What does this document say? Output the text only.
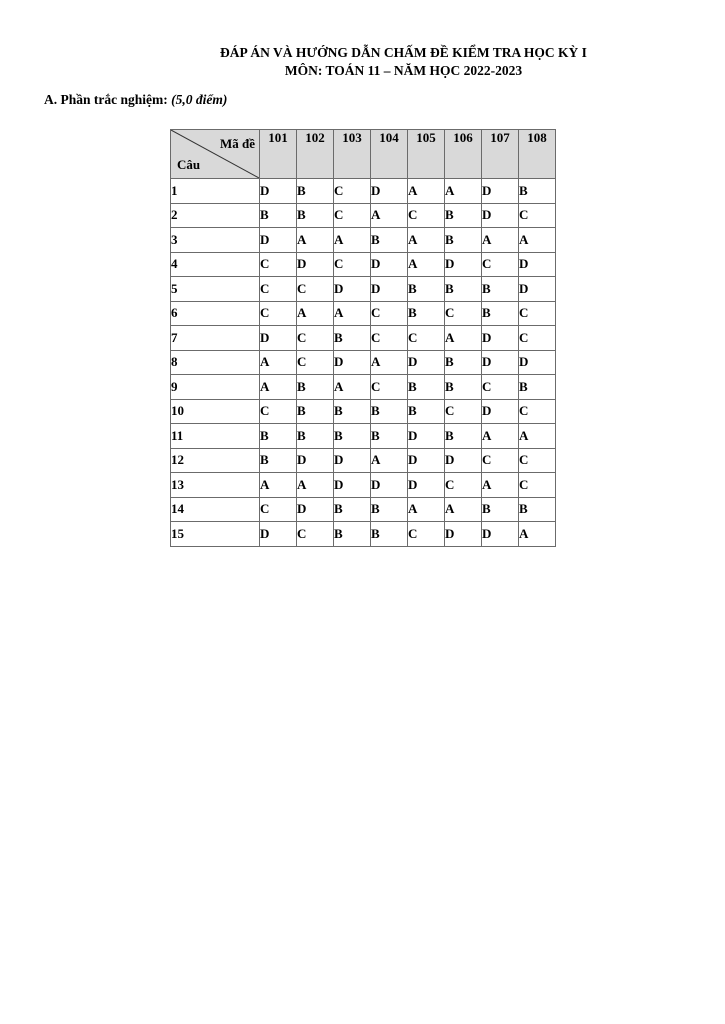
ĐÁP ÁN VÀ HƯỚNG DẪN CHẤM ĐỀ KIỂM TRA HỌC KỲ I
MÔN: TOÁN 11 – NĂM HỌC 2022-2023
A. Phần trắc nghiệm: (5,0 điểm)
Mã đề
Câu	101	102	103	104	105	106	107	108
1	D	B	C	D	A	A	D	B
2	B	B	C	A	C	B	D	C
3	D	A	A	B	A	B	A	A
4	C	D	C	D	A	D	C	D
5	C	C	D	D	B	B	B	D
6	C	A	A	C	B	C	B	C
7	D	C	B	C	C	A	D	C
8	A	C	D	A	D	B	D	D
9	A	B	A	C	B	B	C	B
10	C	B	B	B	B	C	D	C
11	B	B	B	B	D	B	A	A
12	B	D	D	A	D	D	C	C
13	A	A	D	D	D	C	A	C
14	C	D	B	B	A	A	B	B
15	D	C	B	B	C	D	D	A
